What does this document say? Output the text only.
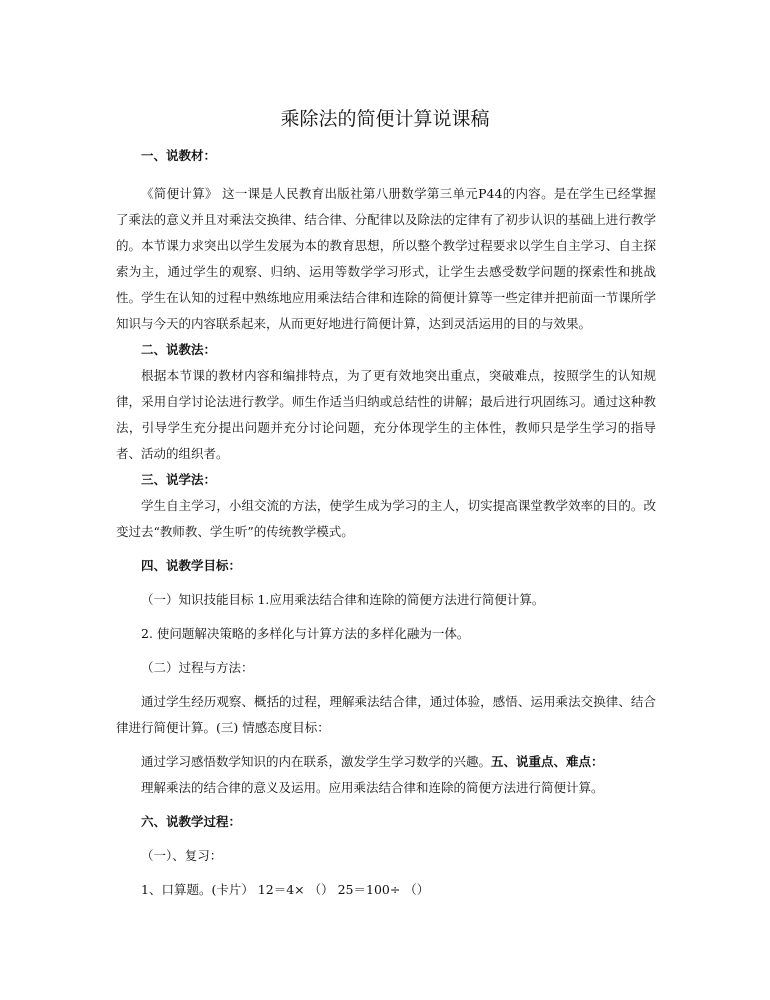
乘除法的简便计算说课稿

一、说教材：

《简便计算》 这一课是人民教育出版社第八册数学第三单元P44的内容。是在学生已经掌握了乘法的意义并且对乘法交换律、结合律、分配律以及除法的定律有了初步认识的基础上进行教学的。本节课力求突出以学生发展为本的教育思想，所以整个教学过程要求以学生自主学习、自主探索为主，通过学生的观察、归纳、运用等数学学习形式，让学生去感受数学问题的探索性和挑战性。学生在认知的过程中熟练地应用乘法结合律和连除的简便计算等一些定律并把前面一节课所学知识与今天的内容联系起来，从而更好地进行简便计算，达到灵活运用的目的与效果。

二、说教法：

根据本节课的教材内容和编排特点，为了更有效地突出重点，突破难点，按照学生的认知规律，采用自学讨论法进行教学。师生作适当归纳或总结性的讲解；最后进行巩固练习。通过这种教法，引导学生充分提出问题并充分讨论问题，充分体现学生的主体性，教师只是学生学习的指导者、活动的组织者。

三、说学法：

学生自主学习，小组交流的方法，使学生成为学习的主人，切实提高课堂教学效率的目的。改变过去“教师教、学生听”的传统教学模式。

四、说教学目标：

（一）知识技能目标 1.应用乘法结合律和连除的简便方法进行简便计算。

2. 使问题解决策略的多样化与计算方法的多样化融为一体。

（二）过程与方法：

通过学生经历观察、概括的过程，理解乘法结合律，通过体验，感悟、运用乘法交换律、结合律进行简便计算。(三) 情感态度目标：

通过学习感悟数学知识的内在联系，激发学生学习数学的兴趣。五、说重点、难点：

理解乘法的结合律的意义及运用。应用乘法结合律和连除的简便方法进行简便计算。

六、说教学过程：

（一）、复习：

1、口算题。(卡片） 12＝4× （） 25＝100÷ （）
